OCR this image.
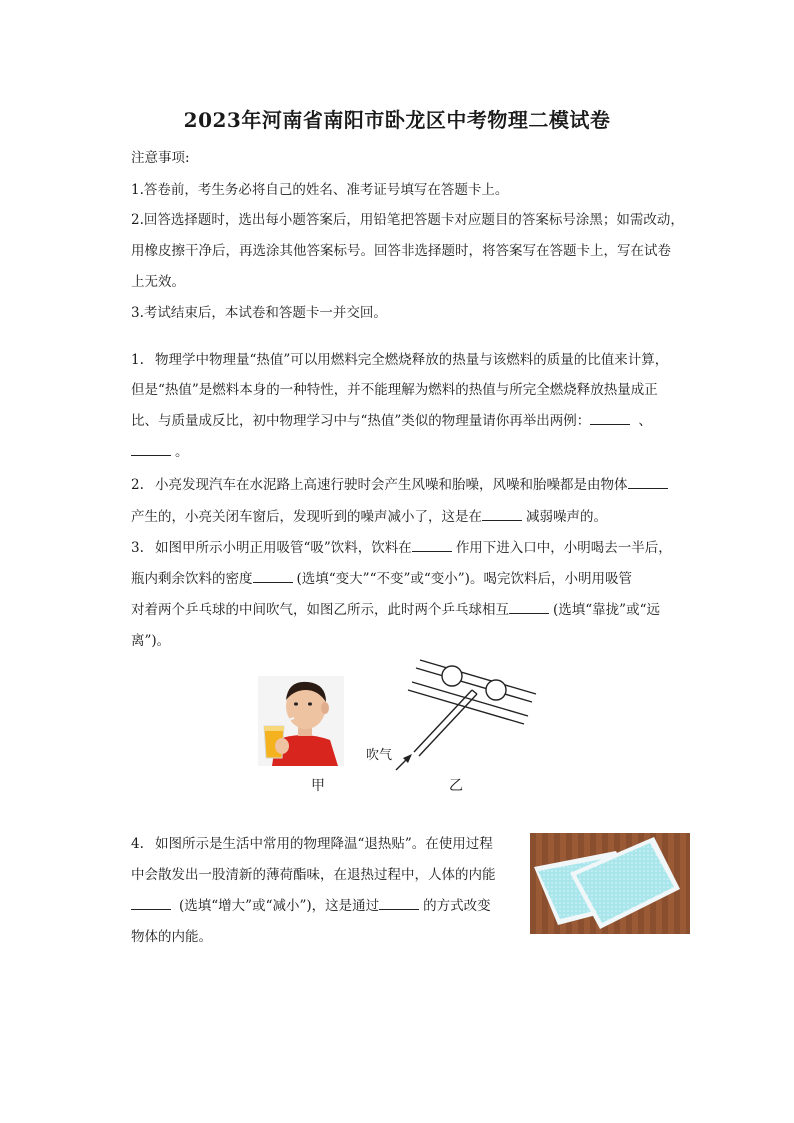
2023年河南省南阳市卧龙区中考物理二模试卷
注意事项:
1.答卷前，考生务必将自己的姓名、准考证号填写在答题卡上。
2.回答选择题时，选出每小题答案后，用铅笔把答题卡对应题目的答案标号涂黑；如需改动，
用橡皮擦干净后，再选涂其他答案标号。回答非选择题时，将答案写在答题卡上，写在试卷
上无效。
3.考试结束后，本试卷和答题卡一并交回。
1. 物理学中物理量“热值”可以用燃料完全燃烧释放的热量与该燃料的质量的比值来计算，
但是“热值”是燃料本身的一种特性，并不能理解为燃料的热值与所完全燃烧释放热量成正
比、与质量成反比，初中物理学习中与“热值”类似的物理量请你再举出两例：	、
。
2. 小亮发现汽车在水泥路上高速行驶时会产生风噪和胎噪，风噪和胎噪都是由物体
产生的，小亮关闭车窗后，发现听到的噪声减小了，这是在	减弱噪声的。
3. 如图甲所示小明正用吸管“吸”饮料，饮料在	作用下进入口中，小明喝去一半后，
瓶内剩余饮料的密度	(选填“变大”“不变”或“变小”)。喝完饮料后，小明用吸管
对着两个乒乓球的中间吹气，如图乙所示，此时两个乒乓球相互	(选填“靠拢”或“远
离”)。
吹气
甲	乙
4. 如图所示是生活中常用的物理降温“退热贴”。在使用过程
中会散发出一股清新的薄荷酯味，在退热过程中，人体的内能
(选填“增大”或“减小”)，这是通过	的方式改变
物体的内能。
